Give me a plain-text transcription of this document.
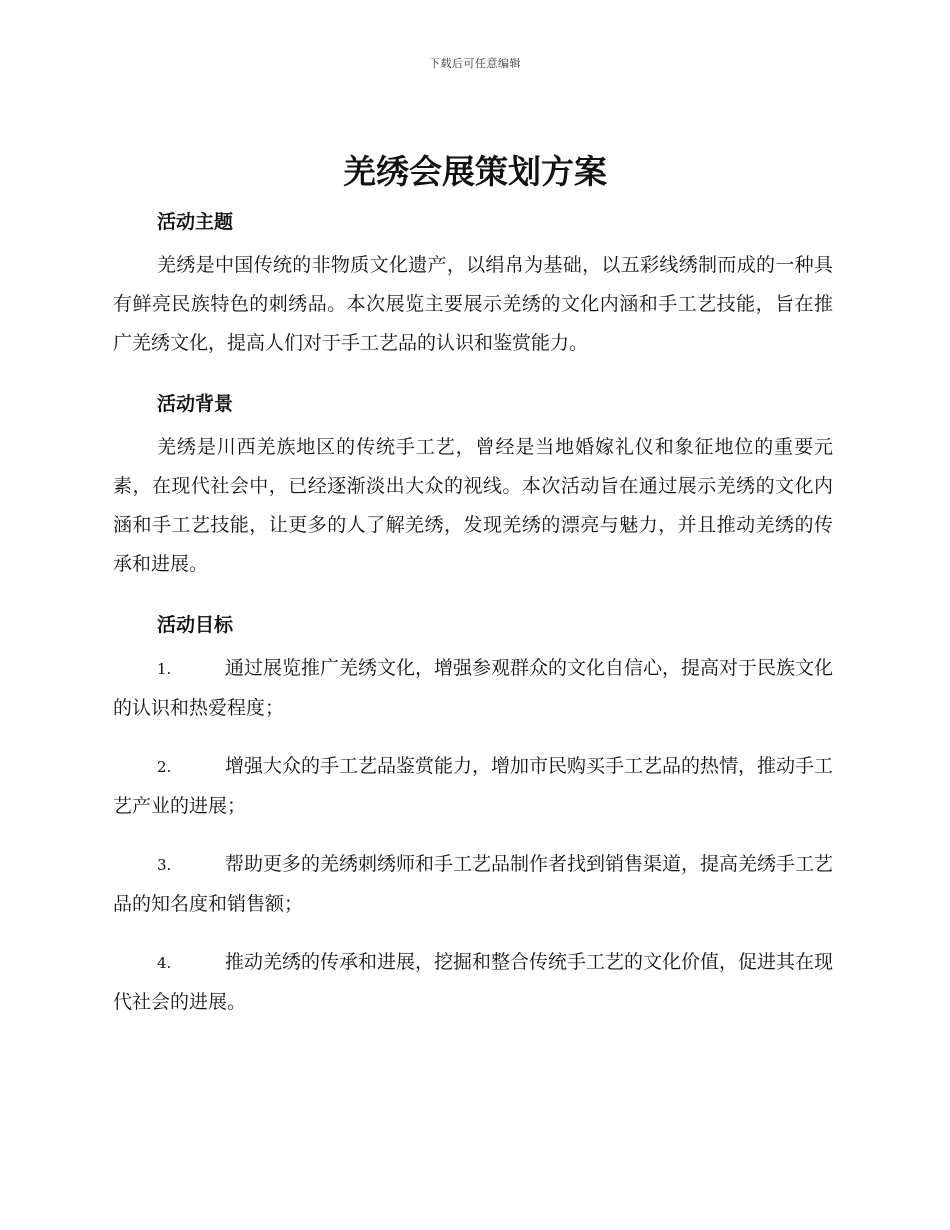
下载后可任意编辑
羌绣会展策划方案
活动主题

羌绣是中国传统的非物质文化遗产，以绢帛为基础，以五彩线绣制而成的一种具有鲜亮民族特色的刺绣品。本次展览主要展示羌绣的文化内涵和手工艺技能，旨在推广羌绣文化，提高人们对于手工艺品的认识和鉴赏能力。

活动背景

羌绣是川西羌族地区的传统手工艺，曾经是当地婚嫁礼仪和象征地位的重要元素，在现代社会中，已经逐渐淡出大众的视线。本次活动旨在通过展示羌绣的文化内涵和手工艺技能，让更多的人了解羌绣，发现羌绣的漂亮与魅力，并且推动羌绣的传承和进展。

活动目标
1.	通过展览推广羌绣文化，增强参观群众的文化自信心，提高对于民族文化的认识和热爱程度；
2.	增强大众的手工艺品鉴赏能力，增加市民购买手工艺品的热情，推动手工艺产业的进展；
3.	帮助更多的羌绣刺绣师和手工艺品制作者找到销售渠道，提高羌绣手工艺品的知名度和销售额；
4.	推动羌绣的传承和进展，挖掘和整合传统手工艺的文化价值，促进其在现代社会的进展。
